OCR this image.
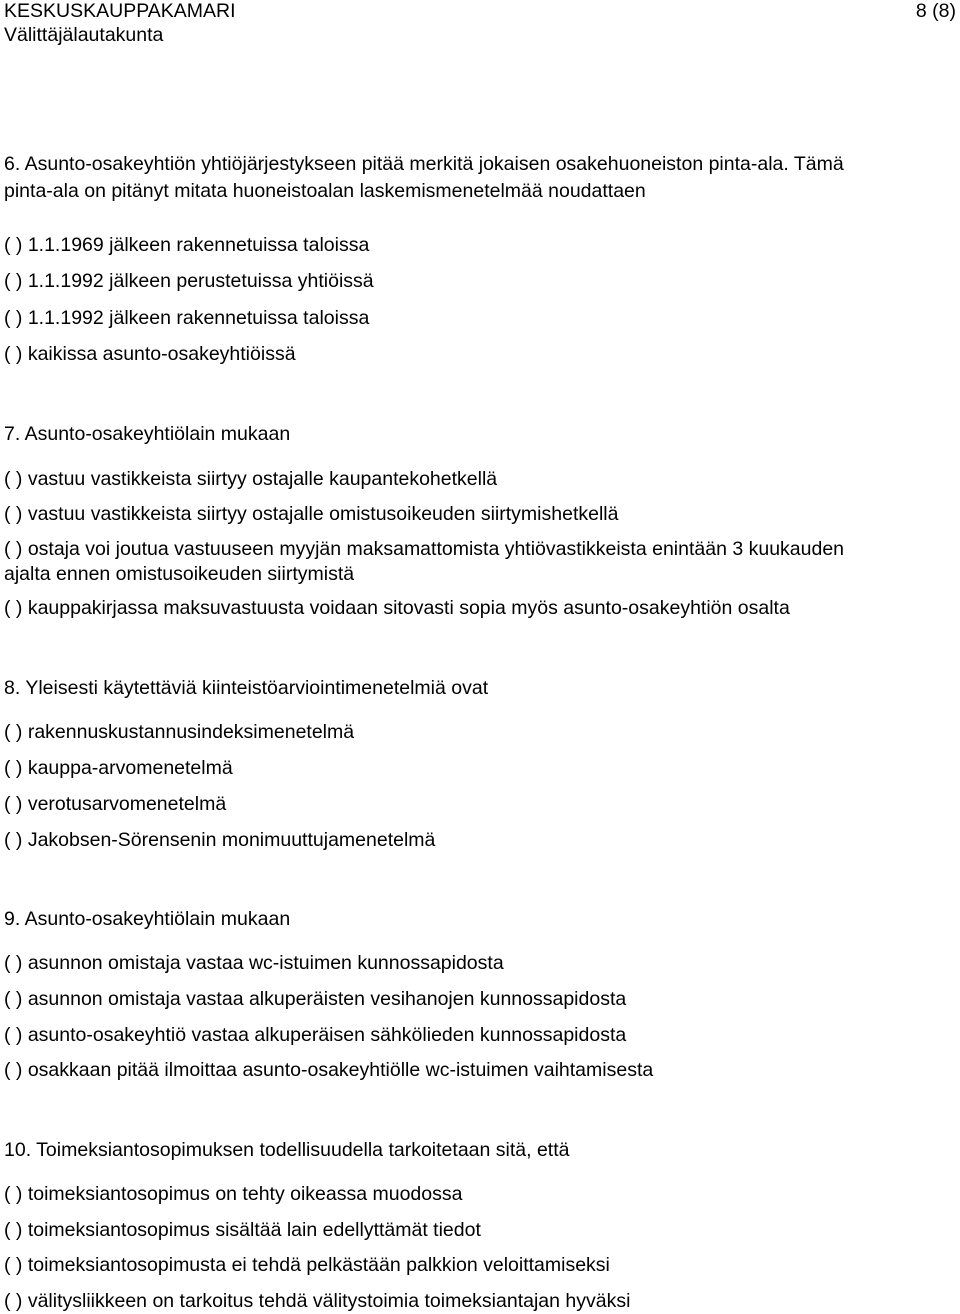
KESKUSKAUPPAKAMARI
Välittäjälautakunta
8 (8)
6. Asunto-osakeyhtiön yhtiöjärjestykseen pitää merkitä jokaisen osakehuoneiston pinta-ala. Tämä
pinta-ala on pitänyt mitata huoneistoalan laskemismenetelmää noudattaen
( ) 1.1.1969 jälkeen rakennetuissa taloissa
( ) 1.1.1992 jälkeen perustetuissa yhtiöissä
( ) 1.1.1992 jälkeen rakennetuissa taloissa
( ) kaikissa asunto-osakeyhtiöissä
7. Asunto-osakeyhtiölain mukaan
( ) vastuu vastikkeista siirtyy ostajalle kaupantekohetkellä
( ) vastuu vastikkeista siirtyy ostajalle omistusoikeuden siirtymishetkellä
( ) ostaja voi joutua vastuuseen myyjän maksamattomista yhtiövastikkeista enintään 3 kuukauden
ajalta ennen omistusoikeuden siirtymistä
( ) kauppakirjassa maksuvastuusta voidaan sitovasti sopia myös asunto-osakeyhtiön osalta
8. Yleisesti käytettäviä kiinteistöarviointimenetelmiä ovat
( ) rakennuskustannusindeksimenetelmä
( ) kauppa-arvomenetelmä
( ) verotusarvomenetelmä
( ) Jakobsen-Sörensenin monimuuttujamenetelmä
9. Asunto-osakeyhtiölain mukaan
( ) asunnon omistaja vastaa wc-istuimen kunnossapidosta
( ) asunnon omistaja vastaa alkuperäisten vesihanojen kunnossapidosta
( ) asunto-osakeyhtiö vastaa alkuperäisen sähkölieden kunnossapidosta
( ) osakkaan pitää ilmoittaa asunto-osakeyhtiölle wc-istuimen vaihtamisesta
10. Toimeksiantosopimuksen todellisuudella tarkoitetaan sitä, että
( ) toimeksiantosopimus on tehty oikeassa muodossa
( ) toimeksiantosopimus sisältää lain edellyttämät tiedot
( ) toimeksiantosopimusta ei tehdä pelkästään palkkion veloittamiseksi
( ) välitysliikkeen on tarkoitus tehdä välitystoimia toimeksiantajan hyväksi
